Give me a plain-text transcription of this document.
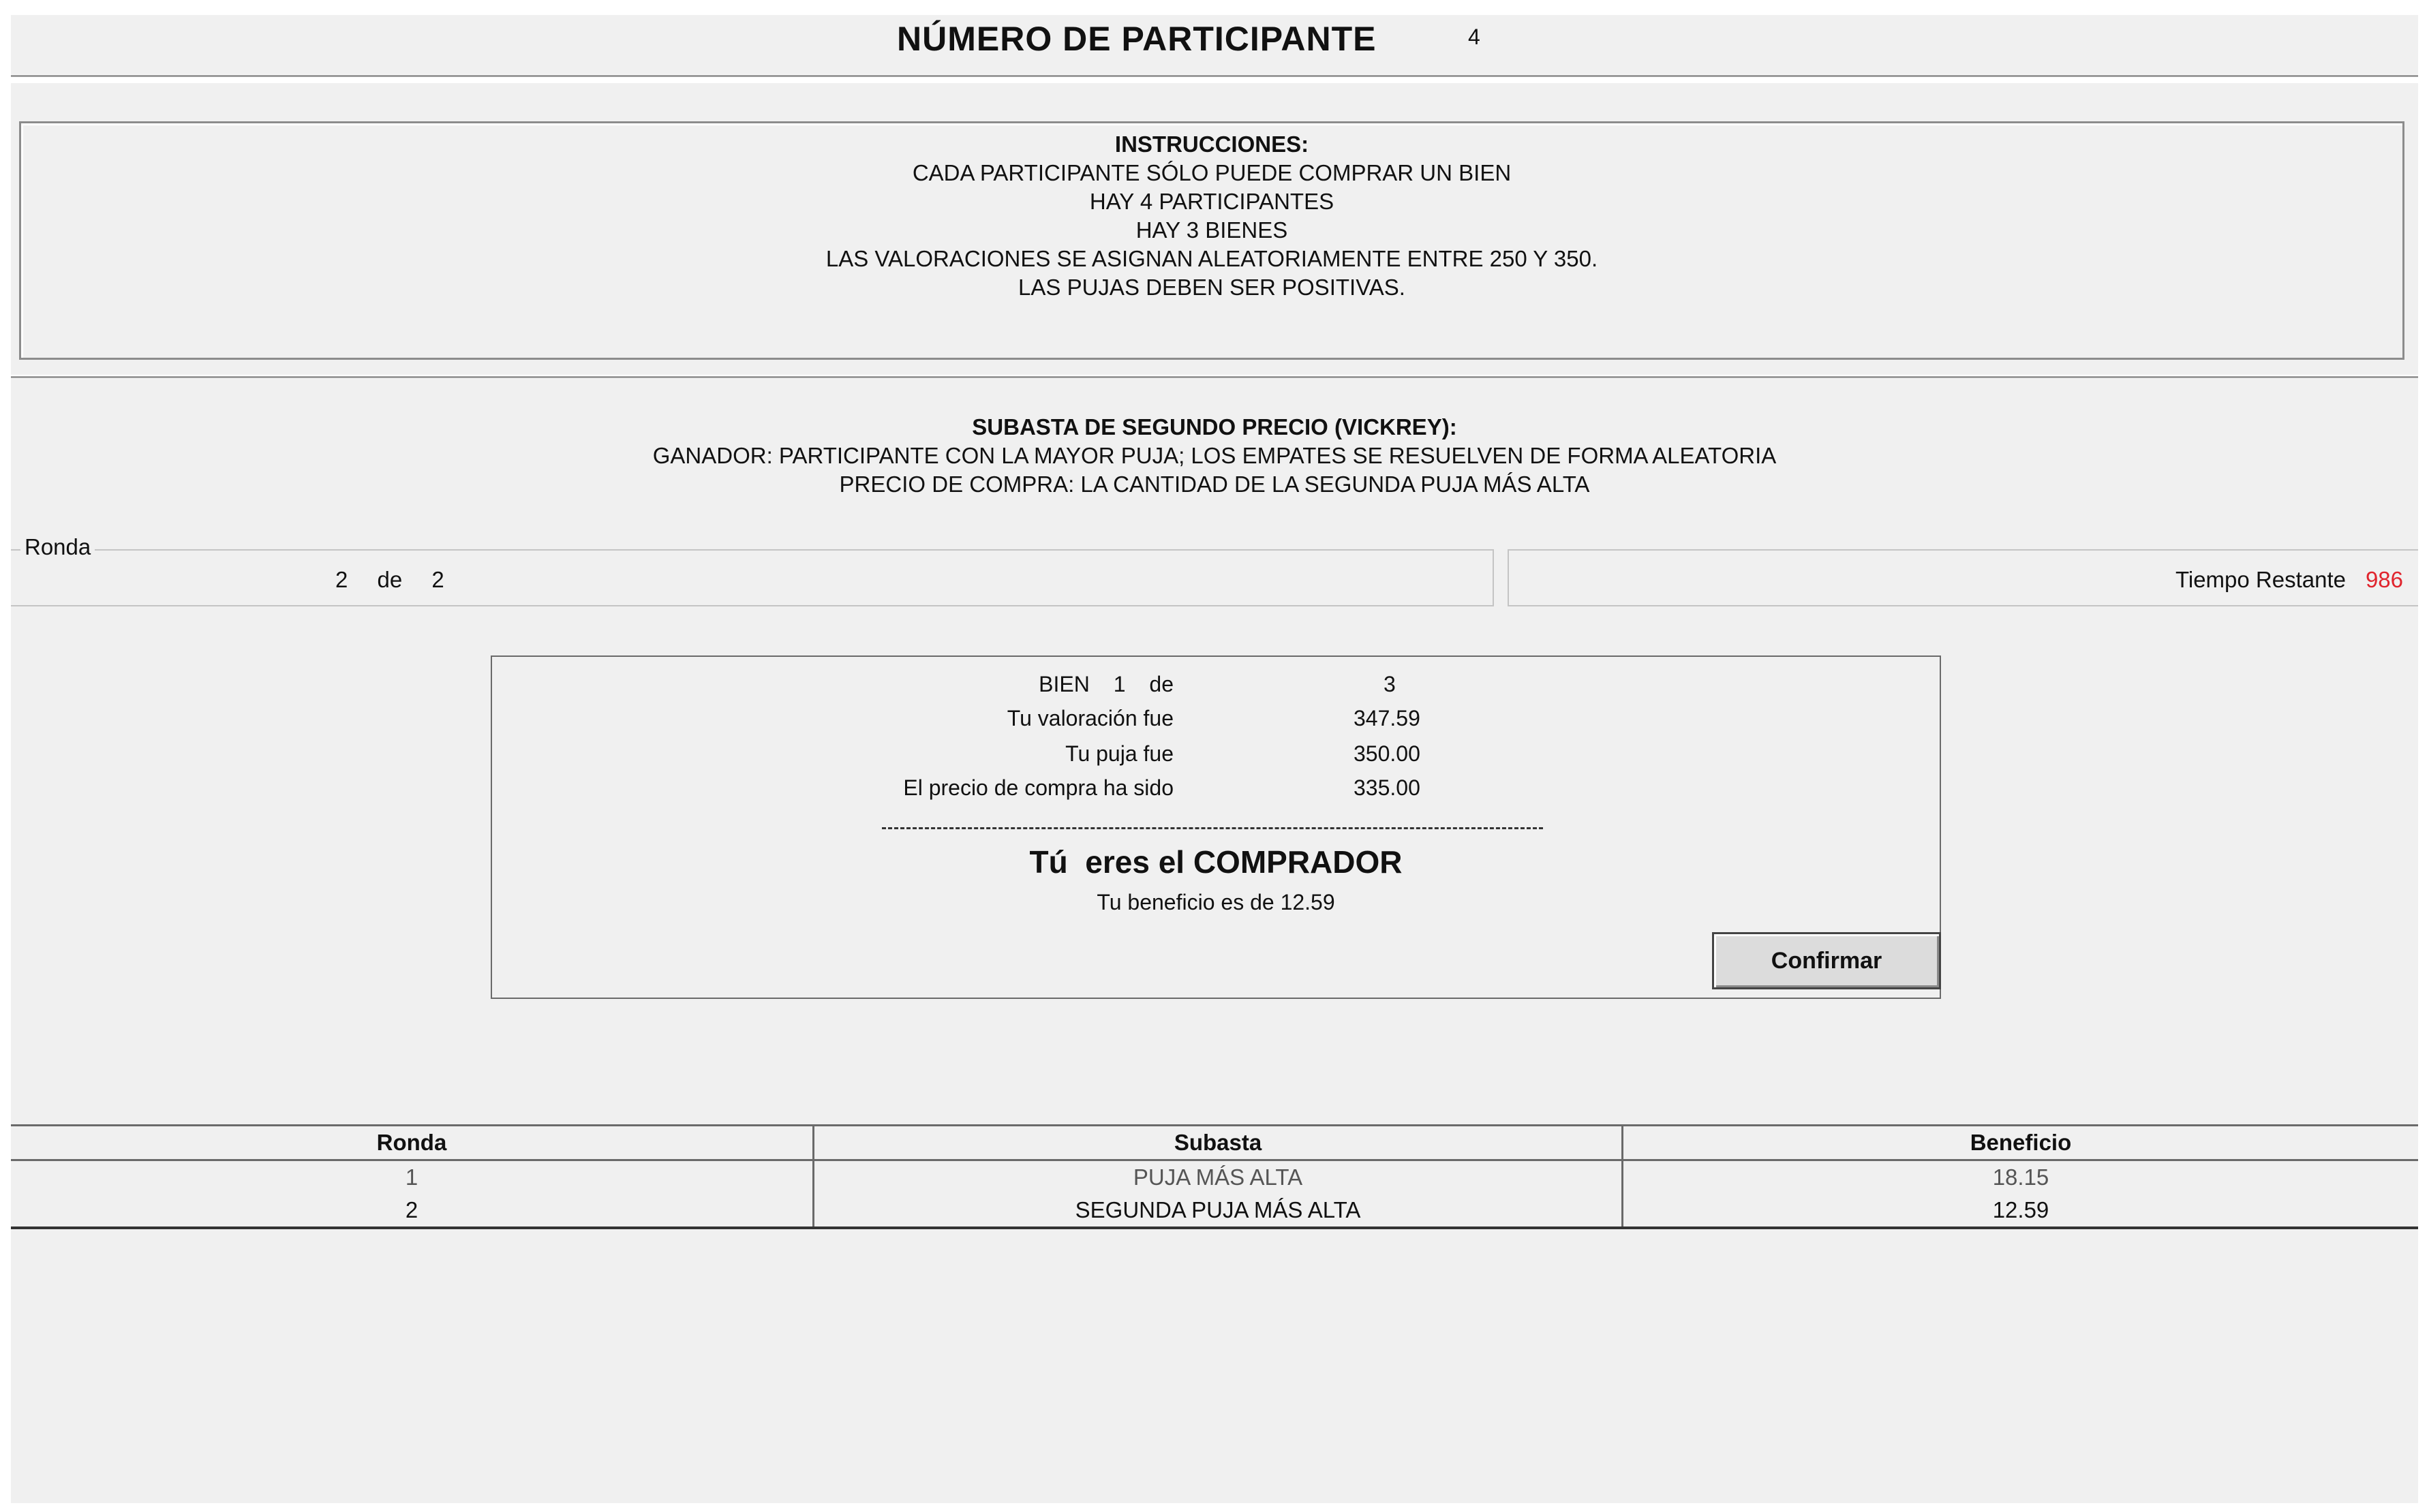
NÚMERO DE PARTICIPANTE	4
INSTRUCCIONES:
CADA PARTICIPANTE SÓLO PUEDE COMPRAR UN BIEN
HAY 4 PARTICIPANTES
HAY 3 BIENES
LAS VALORACIONES SE ASIGNAN ALEATORIAMENTE ENTRE 250 Y 350.
LAS PUJAS DEBEN SER POSITIVAS.
SUBASTA DE SEGUNDO PRECIO (VICKREY):
GANADOR: PARTICIPANTE CON LA MAYOR PUJA; LOS EMPATES SE RESUELVEN DE FORMA ALEATORIA
PRECIO DE COMPRA: LA CANTIDAD DE LA SEGUNDA PUJA MÁS ALTA
Ronda
2 de 2	Tiempo Restante 986
BIEN 1 de	3
Tu valoración fue	347.59
Tu puja fue	350.00
El precio de compra ha sido	335.00
Tú  eres el COMPRADOR
Tu beneficio es de 12.59
Confirmar
Ronda	Subasta	Beneficio
1	PUJA MÁS ALTA	18.15
2	SEGUNDA PUJA MÁS ALTA	12.59
